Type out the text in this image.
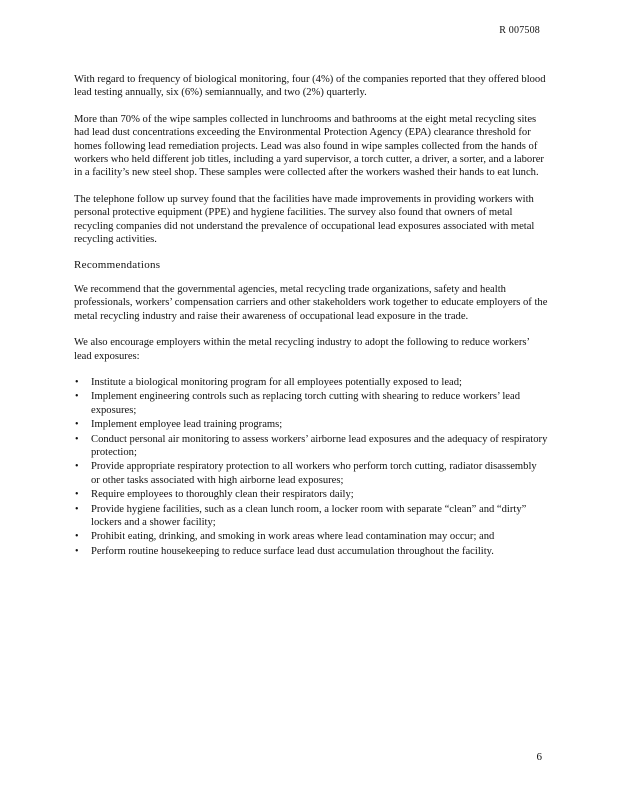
R 007508

With regard to frequency of biological monitoring, four (4%) of the companies reported that they offered blood lead testing annually, six (6%) semiannually, and two (2%) quarterly.

More than 70% of the wipe samples collected in lunchrooms and bathrooms at the eight metal recycling sites had lead dust concentrations exceeding the Environmental Protection Agency (EPA) clearance threshold for homes following lead remediation projects. Lead was also found in wipe samples collected from the hands of workers who held different job titles, including a yard supervisor, a torch cutter, a driver, a sorter, and a laborer in a facility’s new steel shop. These samples were collected after the workers washed their hands to eat lunch.

The telephone follow up survey found that the facilities have made improvements in providing workers with personal protective equipment (PPE) and hygiene facilities. The survey also found that owners of metal recycling companies did not understand the prevalence of occupational lead exposures associated with metal recycling activities.

Recommendations

We recommend that the governmental agencies, metal recycling trade organizations, safety and health professionals, workers’ compensation carriers and other stakeholders work together to educate employers of the metal recycling industry and raise their awareness of occupational lead exposure in the trade.

We also encourage employers within the metal recycling industry to adopt the following to reduce workers’ lead exposures:

• Institute a biological monitoring program for all employees potentially exposed to lead;
• Implement engineering controls such as replacing torch cutting with shearing to reduce workers’ lead exposures;
• Implement employee lead training programs;
• Conduct personal air monitoring to assess workers’ airborne lead exposures and the adequacy of respiratory protection;
• Provide appropriate respiratory protection to all workers who perform torch cutting, radiator disassembly or other tasks associated with high airborne lead exposures;
• Require employees to thoroughly clean their respirators daily;
• Provide hygiene facilities, such as a clean lunch room, a locker room with separate “clean” and “dirty” lockers and a shower facility;
• Prohibit eating, drinking, and smoking in work areas where lead contamination may occur; and
• Perform routine housekeeping to reduce surface lead dust accumulation throughout the facility.
6
